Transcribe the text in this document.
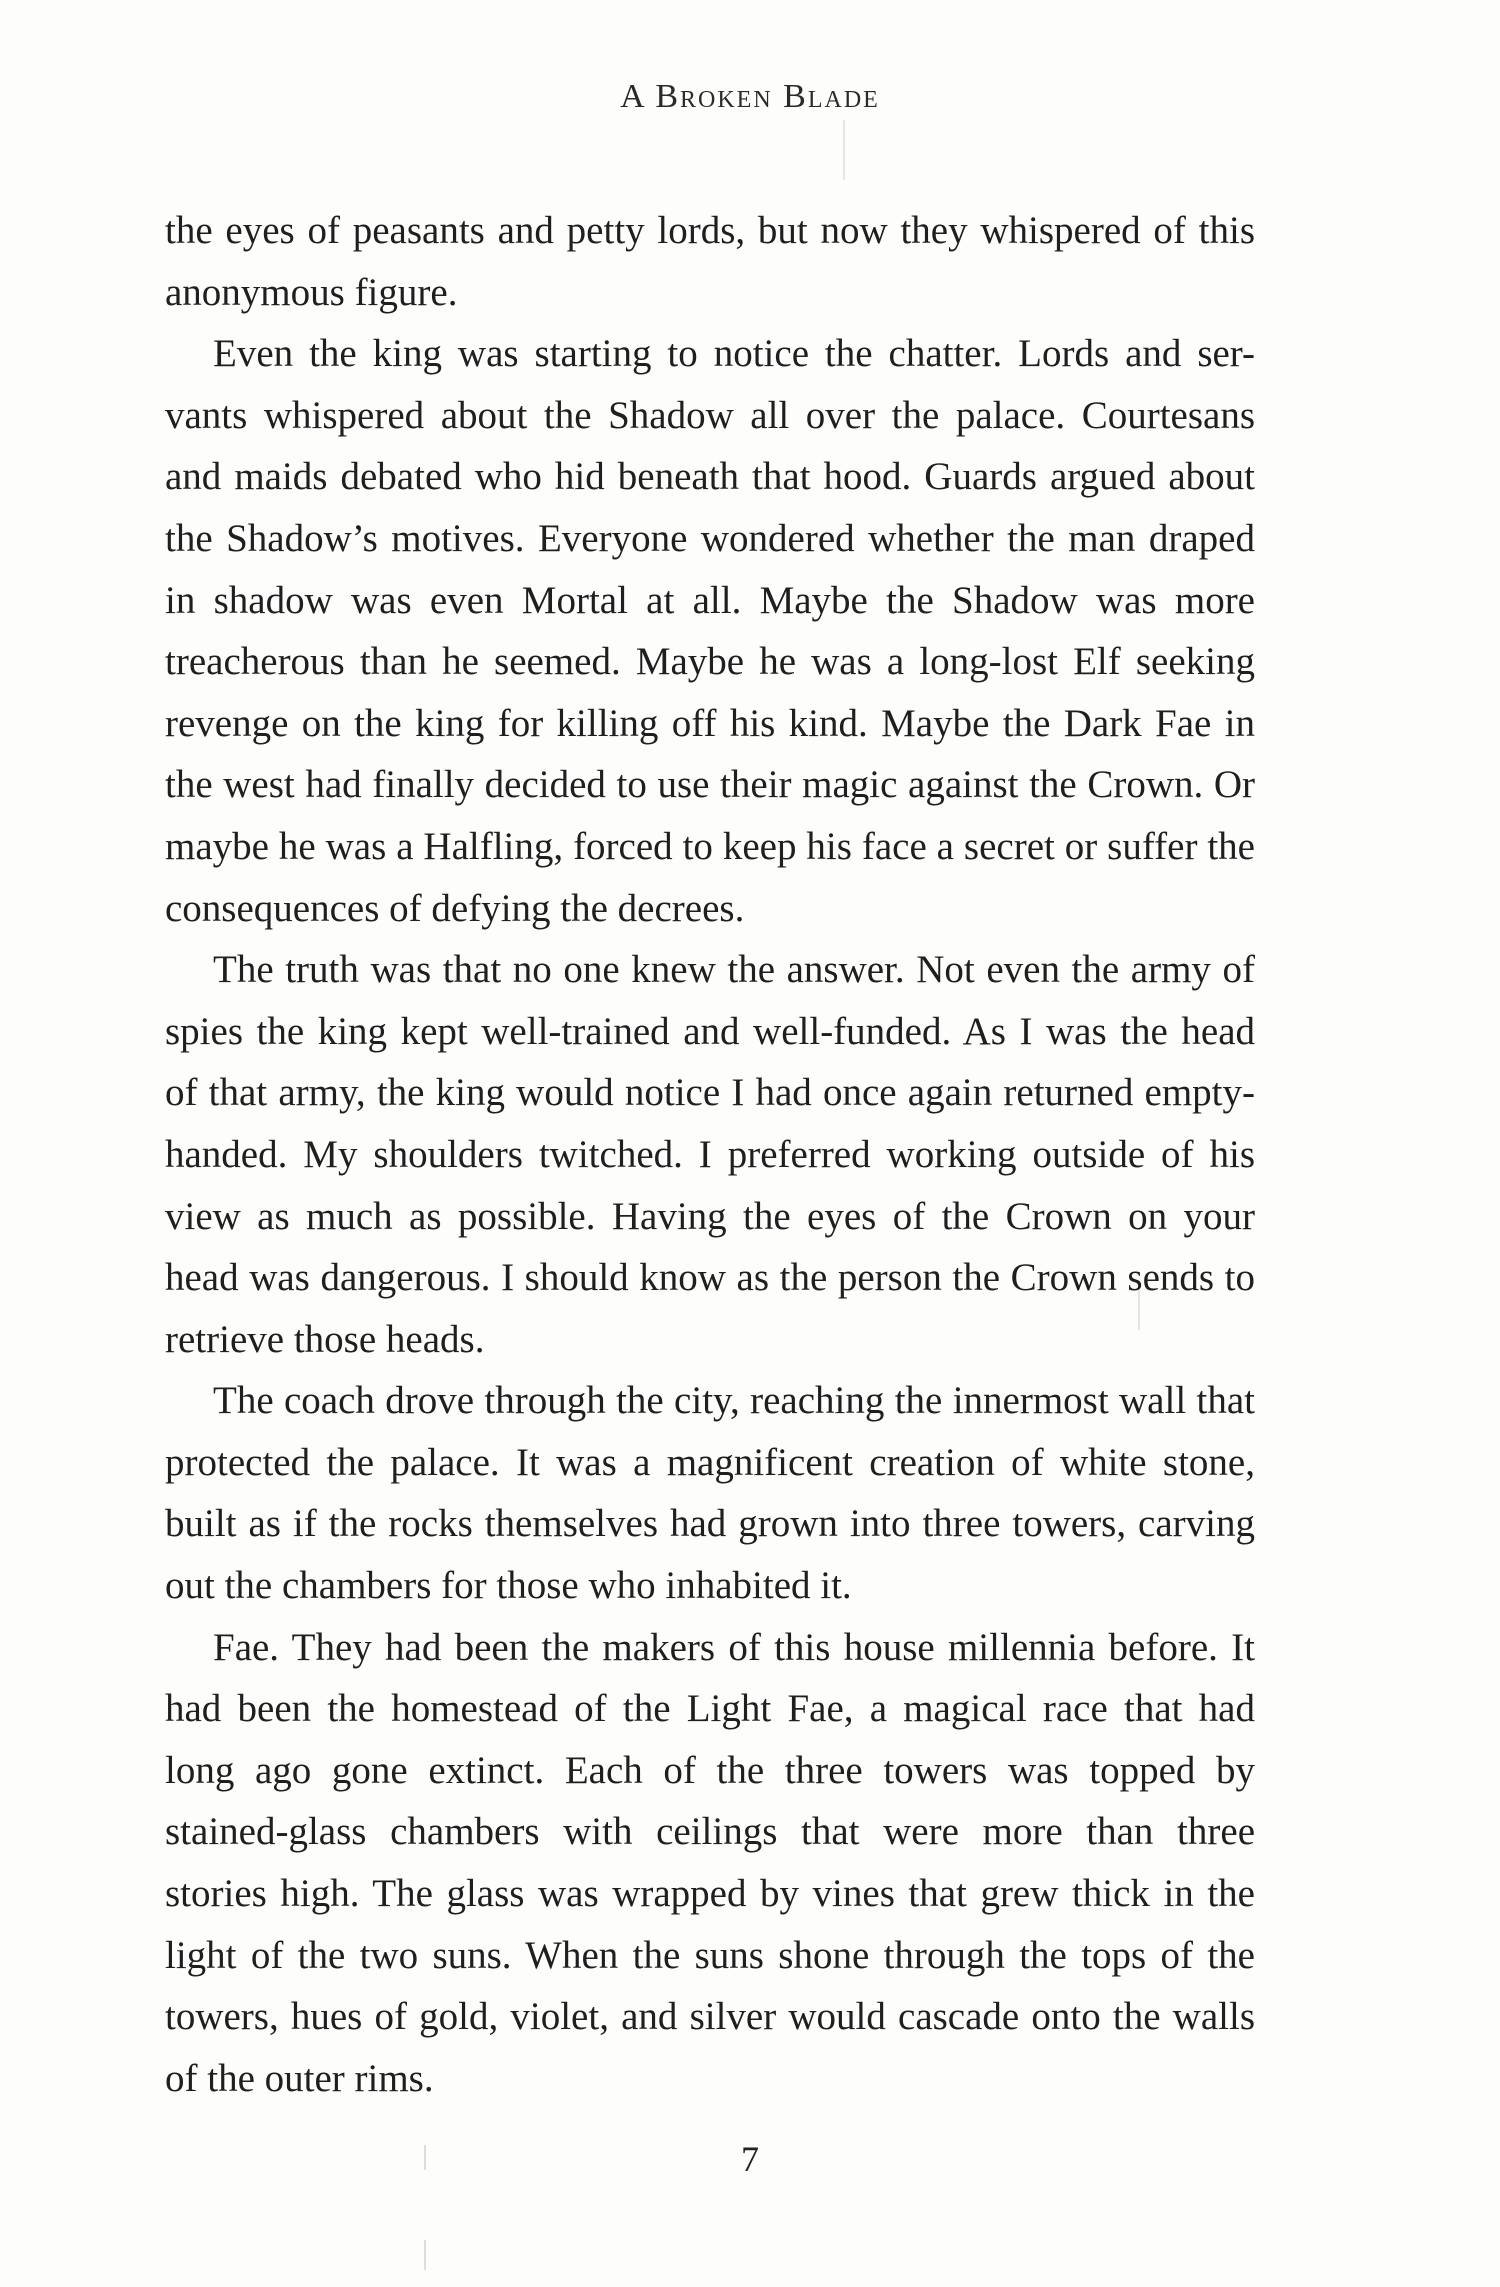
A Broken Blade

the eyes of peasants and petty lords, but now they whispered of this anonymous figure.

Even the king was starting to notice the chatter. Lords and ser-vants whispered about the Shadow all over the palace. Courtesans and maids debated who hid beneath that hood. Guards argued about the Shadow’s motives. Everyone wondered whether the man draped in shadow was even Mortal at all. Maybe the Shadow was more treacherous than he seemed. Maybe he was a long-lost Elf seeking revenge on the king for killing off his kind. Maybe the Dark Fae in the west had finally decided to use their magic against the Crown. Or maybe he was a Halfling, forced to keep his face a secret or suffer the consequences of defying the decrees.

The truth was that no one knew the answer. Not even the army of spies the king kept well-trained and well-funded. As I was the head of that army, the king would notice I had once again returned empty-handed. My shoulders twitched. I preferred working outside of his view as much as possible. Having the eyes of the Crown on your head was dangerous. I should know as the person the Crown sends to retrieve those heads.

The coach drove through the city, reaching the innermost wall that protected the palace. It was a magnificent creation of white stone, built as if the rocks themselves had grown into three towers, carving out the chambers for those who inhabited it.

Fae. They had been the makers of this house millennia before. It had been the homestead of the Light Fae, a magical race that had long ago gone extinct. Each of the three towers was topped by stained-glass chambers with ceilings that were more than three stories high. The glass was wrapped by vines that grew thick in the light of the two suns. When the suns shone through the tops of the towers, hues of gold, violet, and silver would cascade onto the walls of the outer rims.

7
